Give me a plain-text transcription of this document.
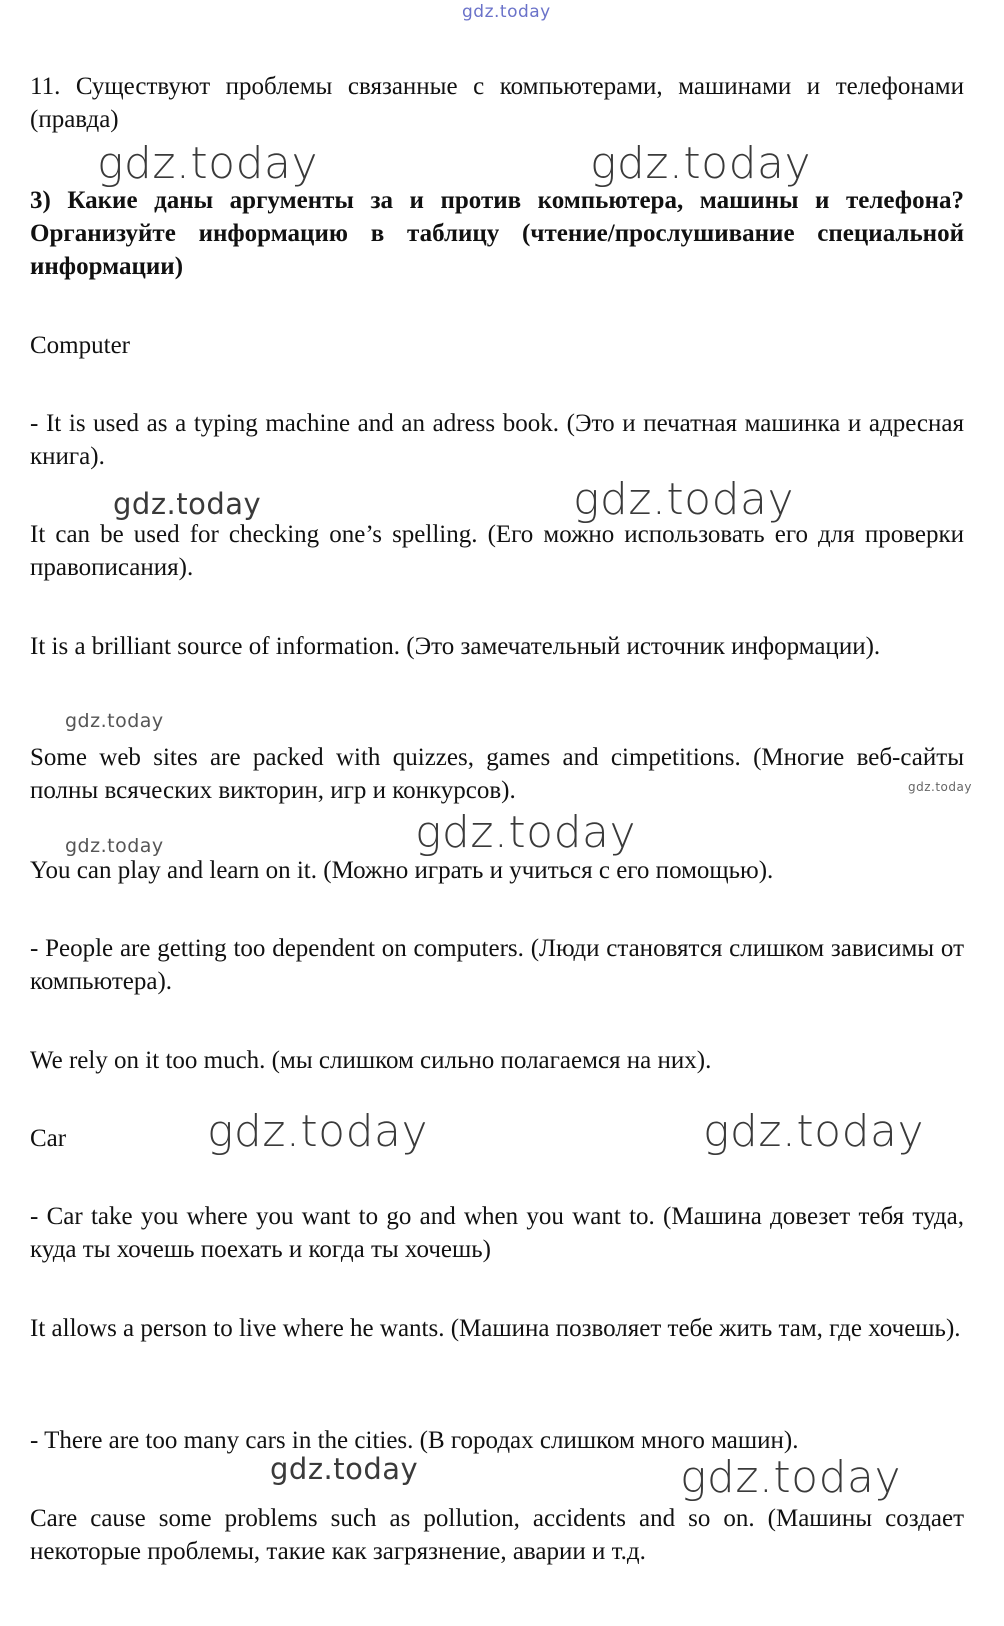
gdz.today

11. Существуют проблемы связанные с компьютерами, машинами и телефонами (правда)

gdz.today	gdz.today

3) Какие даны аргументы за и против компьютера, машины и телефона? Организуйте информацию в таблицу (чтение/прослушивание специальной информации)

Computer

- It is used as a typing machine and an adress book. (Это и печатная машинка и адресная книга).

gdz.today	gdz.today

It can be used for checking one’s spelling. (Его можно использовать его для проверки правописания).

It is a brilliant source of information. (Это замечательный источник информации).

gdz.today

Some web sites are packed with quizzes, games and cimpetitions. (Многие веб-сайты полны всяческих викторин, игр и конкурсов).	gdz.today
gdz.today
gdz.today

You can play and learn on it. (Можно играть и учиться с его помощью).

- People are getting too dependent on computers. (Люди становятся слишком зависимы от компьютера).

We rely on it too much. (мы слишком сильно полагаемся на них).

Car	gdz.today	gdz.today

- Car take you where you want to go and when you want to. (Машина довезет тебя туда, куда ты хочешь поехать и когда ты хочешь)

It allows a person to live where he wants. (Машина позволяет тебе жить там, где хочешь).

- There are too many cars in the cities. (В городах слишком много машин).

gdz.today	gdz.today

Care cause some problems such as pollution, accidents and so on. (Машины создает некоторые проблемы, такие как загрязнение, аварии и т.д.
